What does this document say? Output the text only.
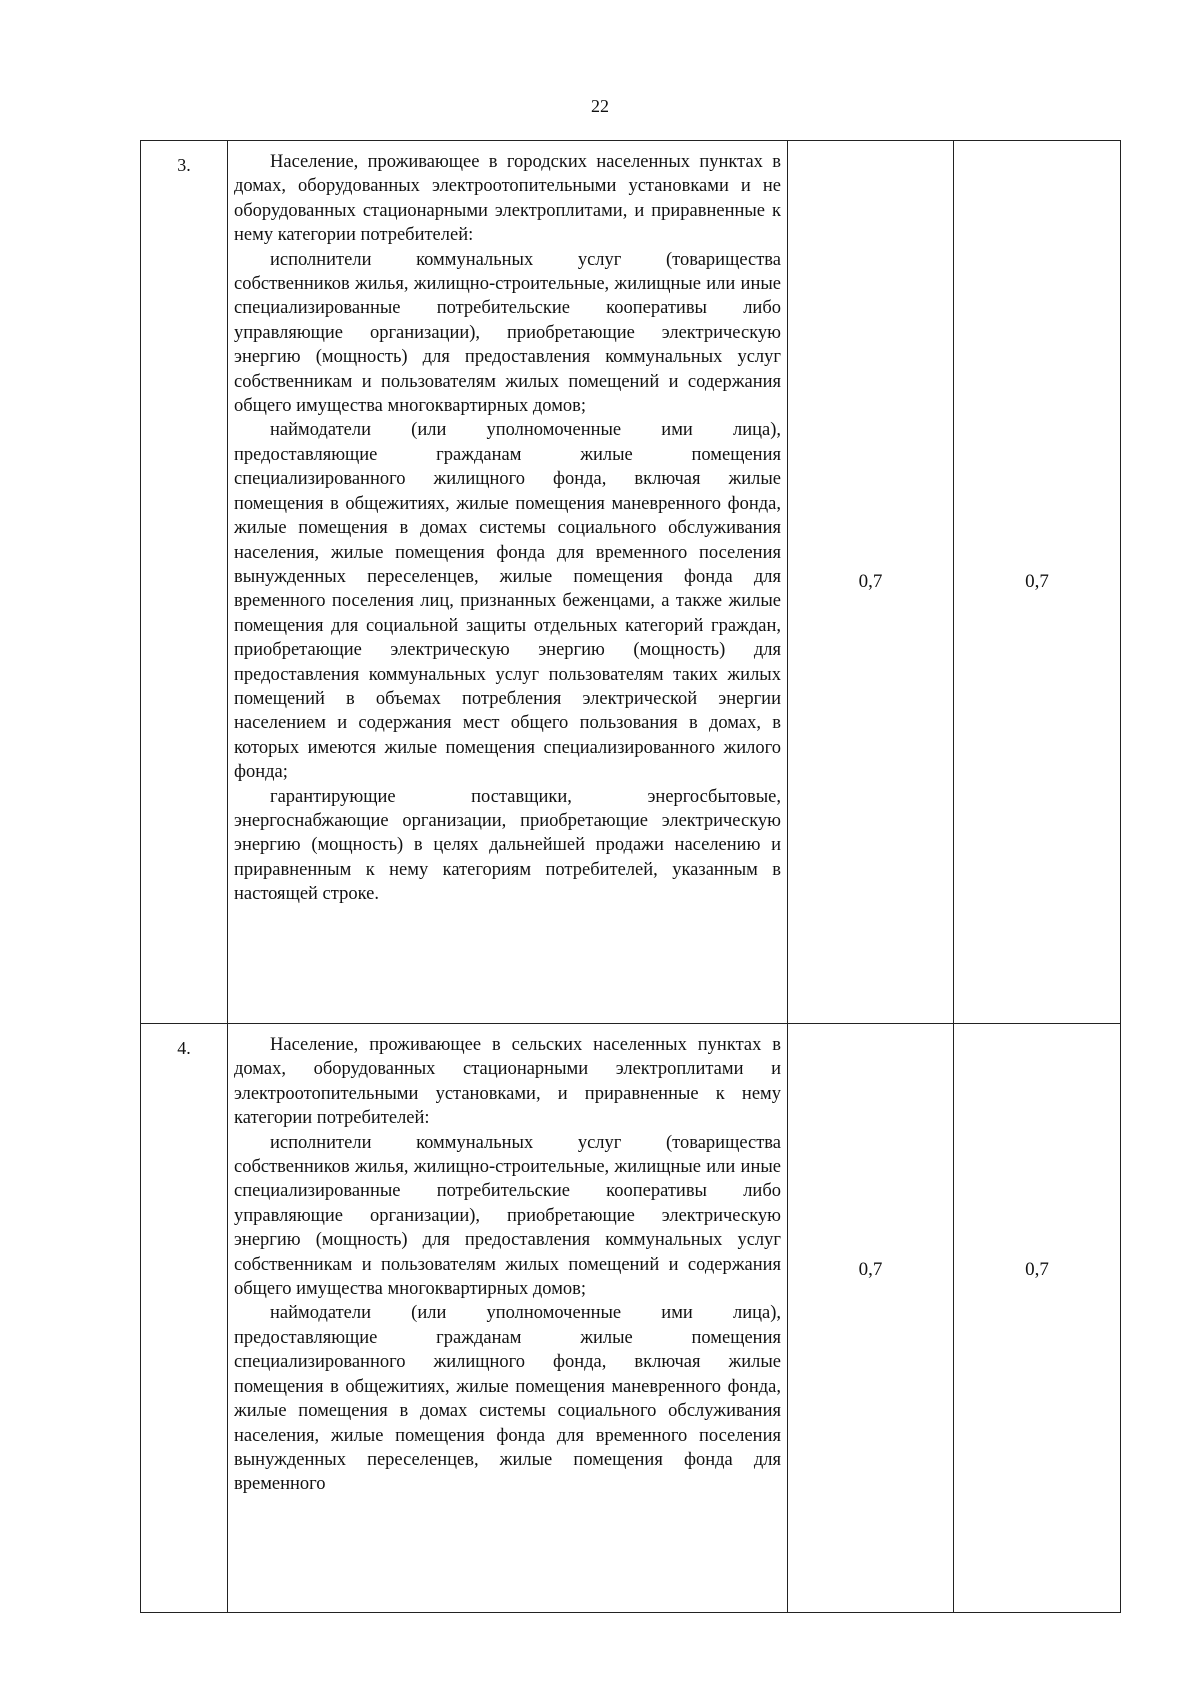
22
3.	Население, проживающее в городских населенных пунктах в домах, оборудованных электроотопительными установками и не оборудованных стационарными электроплитами, и приравненные к нему категории потребителей:

исполнители коммунальных услуг (товарищества собственников жилья, жилищно-строительные, жилищные или иные специализированные потребительские кооперативы либо управляющие организации), приобретающие электрическую энергию (мощность) для предоставления коммунальных услуг собственникам и пользователям жилых помещений и содержания общего имущества многоквартирных домов;

наймодатели (или уполномоченные ими лица), предоставляющие гражданам жилые помещения специализированного жилищного фонда, включая жилые помещения в общежитиях, жилые помещения маневренного фонда, жилые помещения в домах системы социального обслуживания населения, жилые помещения фонда для временного поселения вынужденных переселенцев, жилые помещения фонда для временного поселения лиц, признанных беженцами, а также жилые помещения для социальной защиты отдельных категорий граждан, приобретающие электрическую энергию (мощность) для предоставления коммунальных услуг пользователям таких жилых помещений в объемах потребления электрической энергии населением и содержания мест общего пользования в домах, в которых имеются жилые помещения специализированного жилого фонда;

гарантирующие поставщики, энергосбытовые, энергоснабжающие организации, приобретающие электрическую энергию (мощность) в целях дальнейшей продажи населению и приравненным к нему категориям потребителей, указанным в настоящей строке.	0,7	0,7

4.	Население, проживающее в сельских населенных пунктах в домах, оборудованных стационарными электроплитами и электроотопительными установками, и приравненные к нему категории потребителей:

исполнители коммунальных услуг (товарищества собственников жилья, жилищно-строительные, жилищные или иные специализированные потребительские кооперативы либо управляющие организации), приобретающие электрическую энергию (мощность) для предоставления коммунальных услуг собственникам и пользователям жилых помещений и содержания общего имущества многоквартирных домов;

наймодатели (или уполномоченные ими лица), предоставляющие гражданам жилые помещения специализированного жилищного фонда, включая жилые помещения в общежитиях, жилые помещения маневренного фонда, жилые помещения в домах системы социального обслуживания населения, жилые помещения фонда для временного поселения вынужденных переселенцев, жилые помещения фонда для временного	0,7	0,7
